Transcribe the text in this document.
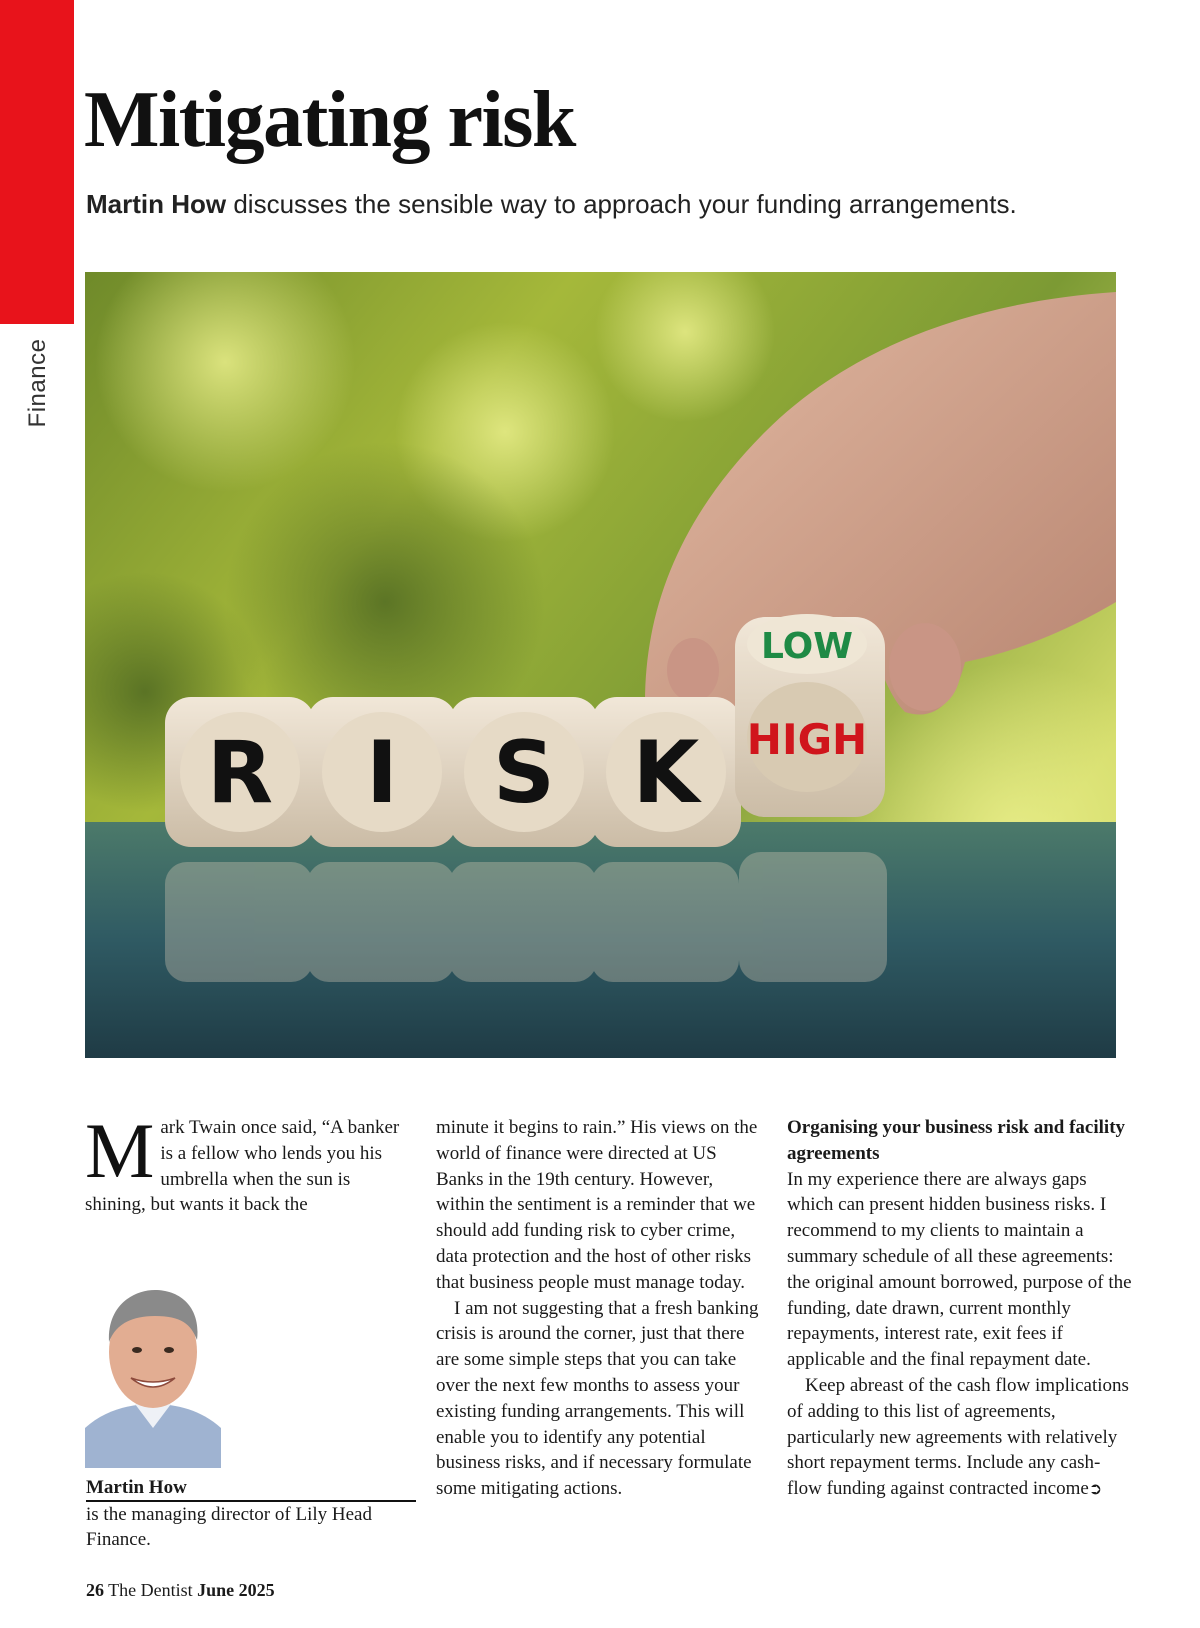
Finance
Mitigating risk

Martin How discusses the sensible way to approach your funding arrangements.

R I S K
LOW
HIGH

Mark Twain once said, “A banker is a fellow who lends you his umbrella when the sun is shining, but wants it back the

minute it begins to rain.” His views on the world of finance were directed at US Banks in the 19th century. However, within the sentiment is a reminder that we should add funding risk to cyber crime, data protection and the host of other risks that business people must manage today.

I am not suggesting that a fresh banking crisis is around the corner, just that there are some simple steps that you can take over the next few months to assess your existing funding arrangements. This will enable you to identify any potential business risks, and if necessary formulate some mitigating actions.

Organising your business risk and facility agreements

In my experience there are always gaps which can present hidden business risks. I recommend to my clients to maintain a summary schedule of all these agreements: the original amount borrowed, purpose of the funding, date drawn, current monthly repayments, interest rate, exit fees if applicable and the final repayment date.

Keep abreast of the cash flow implications of adding to this list of agreements, particularly new agreements with relatively short repayment terms. Include any cash-flow funding against contracted income➲

Martin How
is the managing director of Lily Head Finance.
26 The Dentist June 2025
